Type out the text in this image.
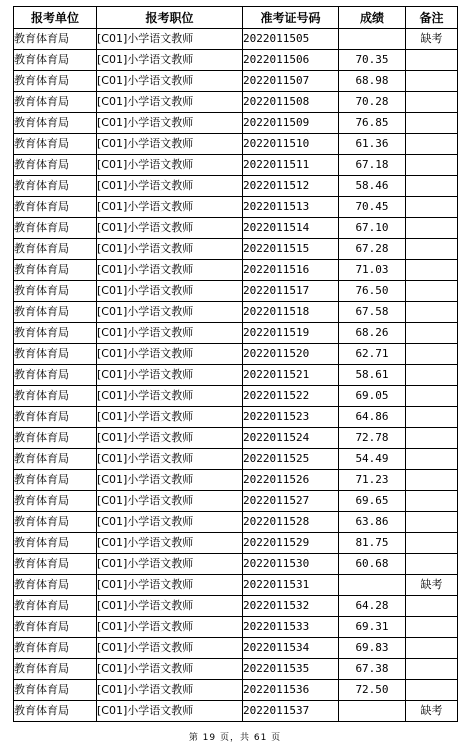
报考单位	报考职位	准考证号码	成绩	备注
教育体育局	[C01]小学语文教师	2022011505		缺考
教育体育局	[C01]小学语文教师	2022011506	70.35	
教育体育局	[C01]小学语文教师	2022011507	68.98	
教育体育局	[C01]小学语文教师	2022011508	70.28	
教育体育局	[C01]小学语文教师	2022011509	76.85	
教育体育局	[C01]小学语文教师	2022011510	61.36	
教育体育局	[C01]小学语文教师	2022011511	67.18	
教育体育局	[C01]小学语文教师	2022011512	58.46	
教育体育局	[C01]小学语文教师	2022011513	70.45	
教育体育局	[C01]小学语文教师	2022011514	67.10	
教育体育局	[C01]小学语文教师	2022011515	67.28	
教育体育局	[C01]小学语文教师	2022011516	71.03	
教育体育局	[C01]小学语文教师	2022011517	76.50	
教育体育局	[C01]小学语文教师	2022011518	67.58	
教育体育局	[C01]小学语文教师	2022011519	68.26	
教育体育局	[C01]小学语文教师	2022011520	62.71	
教育体育局	[C01]小学语文教师	2022011521	58.61	
教育体育局	[C01]小学语文教师	2022011522	69.05	
教育体育局	[C01]小学语文教师	2022011523	64.86	
教育体育局	[C01]小学语文教师	2022011524	72.78	
教育体育局	[C01]小学语文教师	2022011525	54.49	
教育体育局	[C01]小学语文教师	2022011526	71.23	
教育体育局	[C01]小学语文教师	2022011527	69.65	
教育体育局	[C01]小学语文教师	2022011528	63.86	
教育体育局	[C01]小学语文教师	2022011529	81.75	
教育体育局	[C01]小学语文教师	2022011530	60.68	
教育体育局	[C01]小学语文教师	2022011531		缺考
教育体育局	[C01]小学语文教师	2022011532	64.28	
教育体育局	[C01]小学语文教师	2022011533	69.31	
教育体育局	[C01]小学语文教师	2022011534	69.83	
教育体育局	[C01]小学语文教师	2022011535	67.38	
教育体育局	[C01]小学语文教师	2022011536	72.50	
教育体育局	[C01]小学语文教师	2022011537		缺考
第 19 页，共 61 页
